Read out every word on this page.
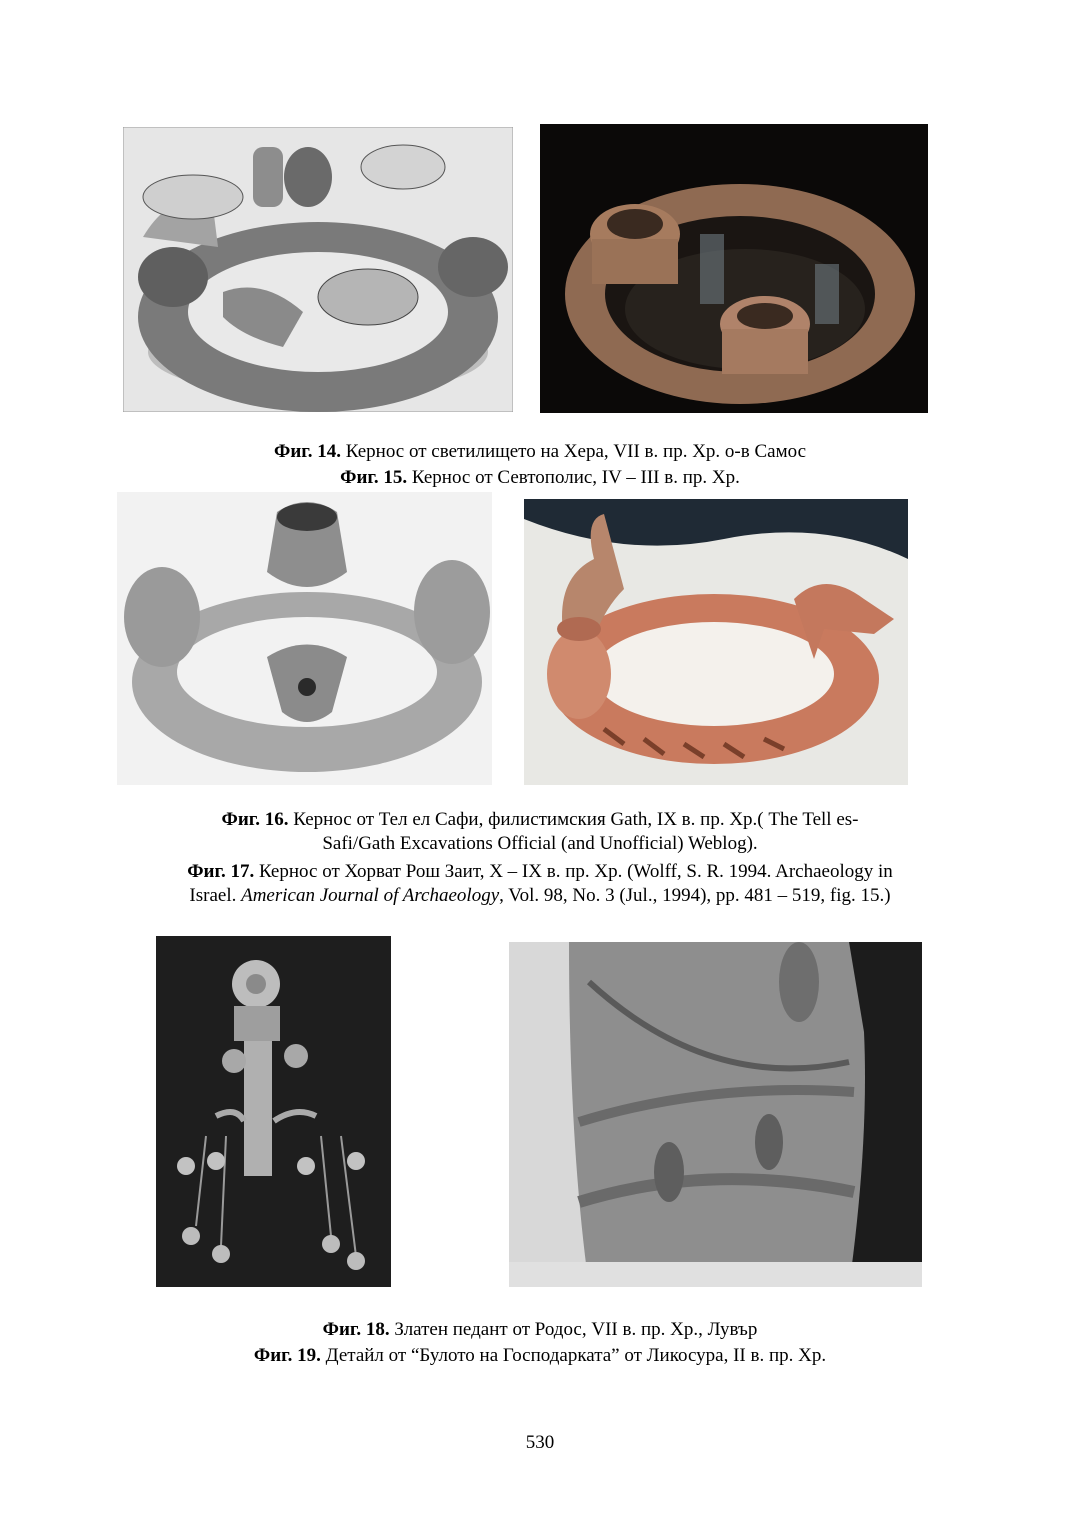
Фиг. 14. Кернос от светилището на Хера, VII в. пр. Хр. о-в Самос
Фиг. 15. Кернос от Севтополис, IV – III в. пр. Хр.
Фиг. 16. Кернос от Тел ел Сафи, филистимския Gath, IX в. пр. Хр.( The Tell es-
Safi/Gath Excavations Official (and Unofficial) Weblog).
Фиг. 17. Кернос от Хорват Рош Заит, X – IX в. пр. Хр. (Wolff, S. R. 1994. Archaeology in
Israel. American Journal of Archaeology, Vol. 98, No. 3 (Jul., 1994), pp. 481 – 519, fig. 15.)
Фиг. 18. Златен педант от Родос, VII в. пр. Хр., Лувър
Фиг. 19. Детайл от “Булото на Господарката” от Ликосура, II в. пр. Хр.
530
